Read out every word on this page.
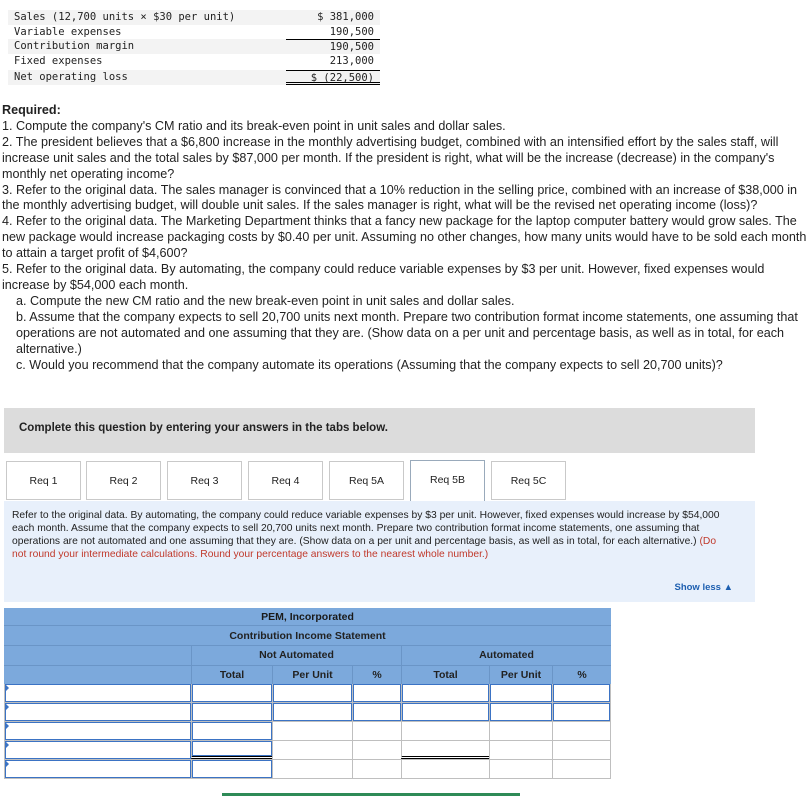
Sales (12,700 units × $30 per unit)	$ 381,000
Variable expenses	190,500
Contribution margin	190,500
Fixed expenses	213,000
Net operating loss	$ (22,500)

Required:

1. Compute the company's CM ratio and its break-even point in unit sales and dollar sales.

2. The president believes that a $6,800 increase in the monthly advertising budget, combined with an intensified effort by the sales staff, will increase unit sales and the total sales by $87,000 per month. If the president is right, what will be the increase (decrease) in the company's monthly net operating income?

3. Refer to the original data. The sales manager is convinced that a 10% reduction in the selling price, combined with an increase of $38,000 in the monthly advertising budget, will double unit sales. If the sales manager is right, what will be the revised net operating income (loss)?

4. Refer to the original data. The Marketing Department thinks that a fancy new package for the laptop computer battery would grow sales. The new package would increase packaging costs by $0.40 per unit. Assuming no other changes, how many units would have to be sold each month to attain a target profit of $4,600?

5. Refer to the original data. By automating, the company could reduce variable expenses by $3 per unit. However, fixed expenses would increase by $54,000 each month.

a. Compute the new CM ratio and the new break-even point in unit sales and dollar sales.

b. Assume that the company expects to sell 20,700 units next month. Prepare two contribution format income statements, one assuming that operations are not automated and one assuming that they are. (Show data on a per unit and percentage basis, as well as in total, for each alternative.)

c. Would you recommend that the company automate its operations (Assuming that the company expects to sell 20,700 units)?

Complete this question by entering your answers in the tabs below.
Req 1	Req 2	Req 3	Req 4	Req 5A	Req 5B	Req 5C
Refer to the original data. By automating, the company could reduce variable expenses by $3 per unit. However, fixed expenses would increase by $54,000 each month. Assume that the company expects to sell 20,700 units next month. Prepare two contribution format income statements, one assuming that operations are not automated and one assuming that they are. (Show data on a per unit and percentage basis, as well as in total, for each alternative.) (Do not round your intermediate calculations. Round your percentage answers to the nearest whole number.)
Show less ▲
PEM, Incorporated
Contribution Income Statement
Not Automated	Automated
Total	Per Unit	%	Total	Per Unit	%
